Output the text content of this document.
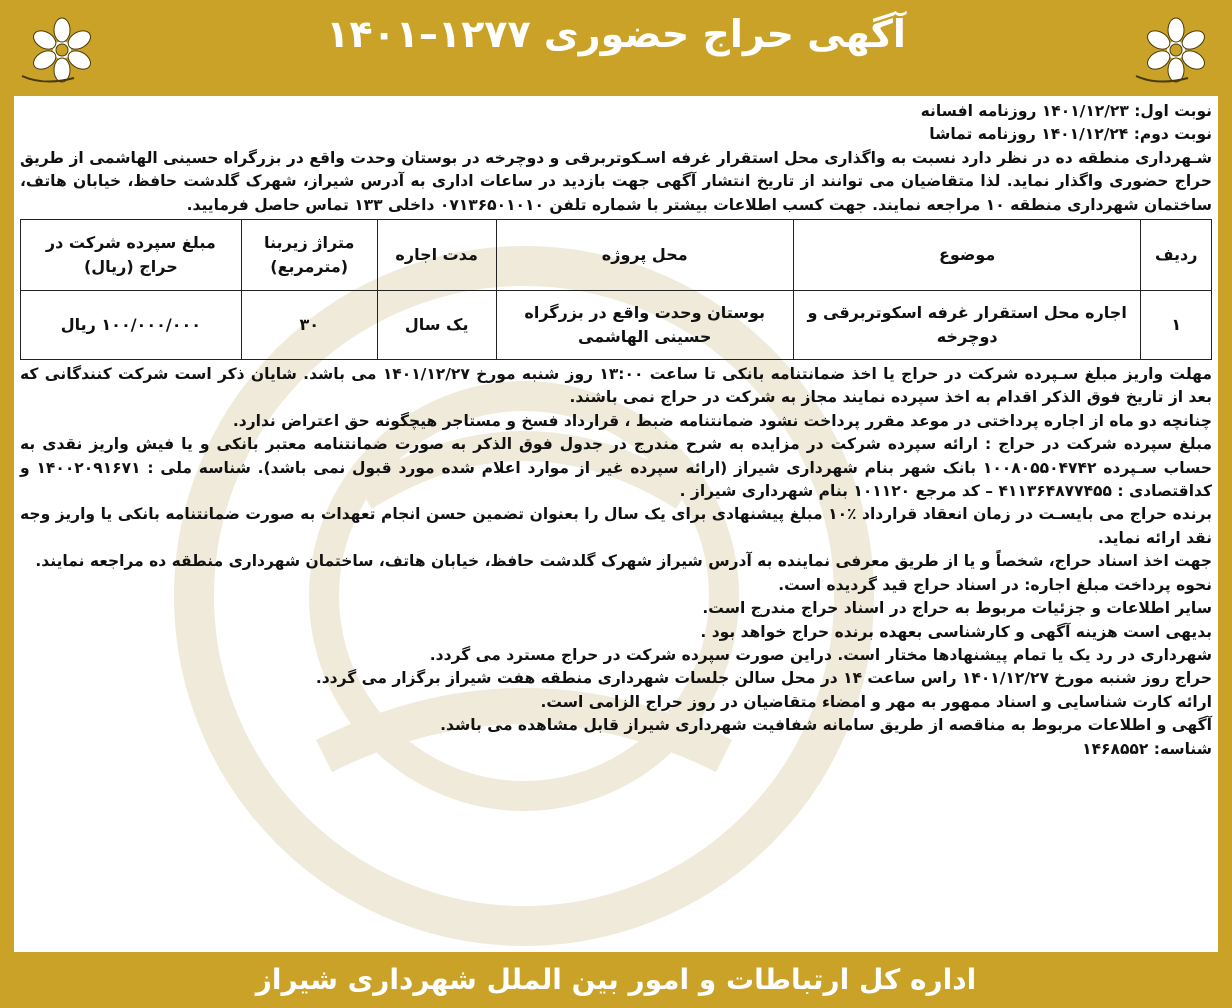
آگهی حراج حضوری ۱۲۷۷–۱۴۰۱
نوبت اول: ۱۴۰۱/۱۲/۲۳ روزنامه افسانه
نوبت دوم: ۱۴۰۱/۱۲/۲۴ روزنامه تماشا
شـهرداری منطقه ده در نظر دارد نسبت به واگذاری محل استقرار غرفه اسـکوتربرقی و دوچرخه در بوستان وحدت واقع در بزرگراه حسینی الهاشمی از طریق حراج حضوری واگذار نماید. لذا متقاضیان می توانند از تاریخ انتشار آگهی جهت بازدید در ساعات اداری به آدرس شیراز، شهرک گلدشت حافظ، خیابان هاتف، ساختمان شهرداری منطقه ۱۰ مراجعه نمایند. جهت کسب اطلاعات بیشتر با شماره تلفن ۰۷۱۳۶۵۰۱۰۱۰ داخلی ۱۳۳ تماس حاصل فرمایید.
ردیف	موضوع	محل پروژه	مدت اجاره	متراژ زیربنا (مترمربع)	مبلغ سپرده شرکت در حراج (ریال)
۱	اجاره محل استقرار غرفه اسکوتربرقی و دوچرخه	بوستان وحدت واقع در بزرگراه حسینی الهاشمی	یک سال	۳۰	۱۰۰/۰۰۰/۰۰۰ ریال
مهلت واریز مبلغ سـپرده شرکت در حراج یا اخذ ضمانتنامه بانکی تا ساعت ۱۳:۰۰ روز شنبه مورخ ۱۴۰۱/۱۲/۲۷ می باشد. شایان ذکر است شرکت کنندگانی که بعد از تاریخ فوق الذکر اقدام به اخذ سپرده نمایند مجاز به شرکت در حراج نمی باشند.
چنانچه دو ماه از اجاره پرداختی در موعد مقرر پرداخت نشود ضمانتنامه ضبط ، قرارداد فسخ و مستاجر هیچگونه حق اعتراض ندارد.
مبلغ سپرده شرکت در حراج : ارائه سپرده شرکت در مزایده به شرح مندرج در جدول فوق الذکر به صورت ضمانتنامه معتبر بانکی و یا فیش واریز نقدی به حساب سـپرده ۱۰۰۸۰۵۵۰۴۷۴۲ بانک شهر بنام شهرداری شیراز (ارائه سپرده غیر از موارد اعلام شده مورد قبول نمی باشد). شناسه ملی : ۱۴۰۰۲۰۹۱۶۷۱ و کداقتصادی : ۴۱۱۳۶۴۸۷۷۴۵۵ – کد مرجع ۱۰۱۱۲۰ بنام شهرداری شیراز .
برنده حراج می بایسـت در زمان انعقاد قرارداد ٪۱۰ مبلغ پیشنهادی برای یک سال را بعنوان تضمین حسن انجام تعهدات به صورت ضمانتنامه بانکی یا واریز وجه نقد ارائه نماید.
جهت اخذ اسناد حراج، شخصاً و یا از طریق معرفی نماینده به آدرس شیراز شهرک گلدشت حافظ، خیابان هاتف، ساختمان شهرداری منطقه ده مراجعه نمایند.
نحوه پرداخت مبلغ اجاره: در اسناد حراج قید گردیده است.
سایر اطلاعات و جزئیات مربوط به حراج در اسناد حراج مندرج است.
بدیهی است هزینه آگهی و کارشناسی بعهده برنده حراج خواهد بود .
شهرداری در رد یک یا تمام پیشنهادها مختار است. دراین صورت سپرده شرکت در حراج مسترد می گردد.
حراج روز شنبه مورخ ۱۴۰۱/۱۲/۲۷ راس ساعت ۱۴ در محل سالن جلسات شهرداری منطقه هفت شیراز برگزار می گردد.
ارائه کارت شناسایی و اسناد ممهور به مهر و امضاء متقاضیان در روز حراج الزامی است.
آگهی و اطلاعات مربوط به مناقصه از طریق سامانه شفافیت شهرداری شیراز قابل مشاهده می باشد.
شناسه: ۱۴۶۸۵۵۲
اداره کل ارتباطات و امور بین الملل شهرداری شیراز
